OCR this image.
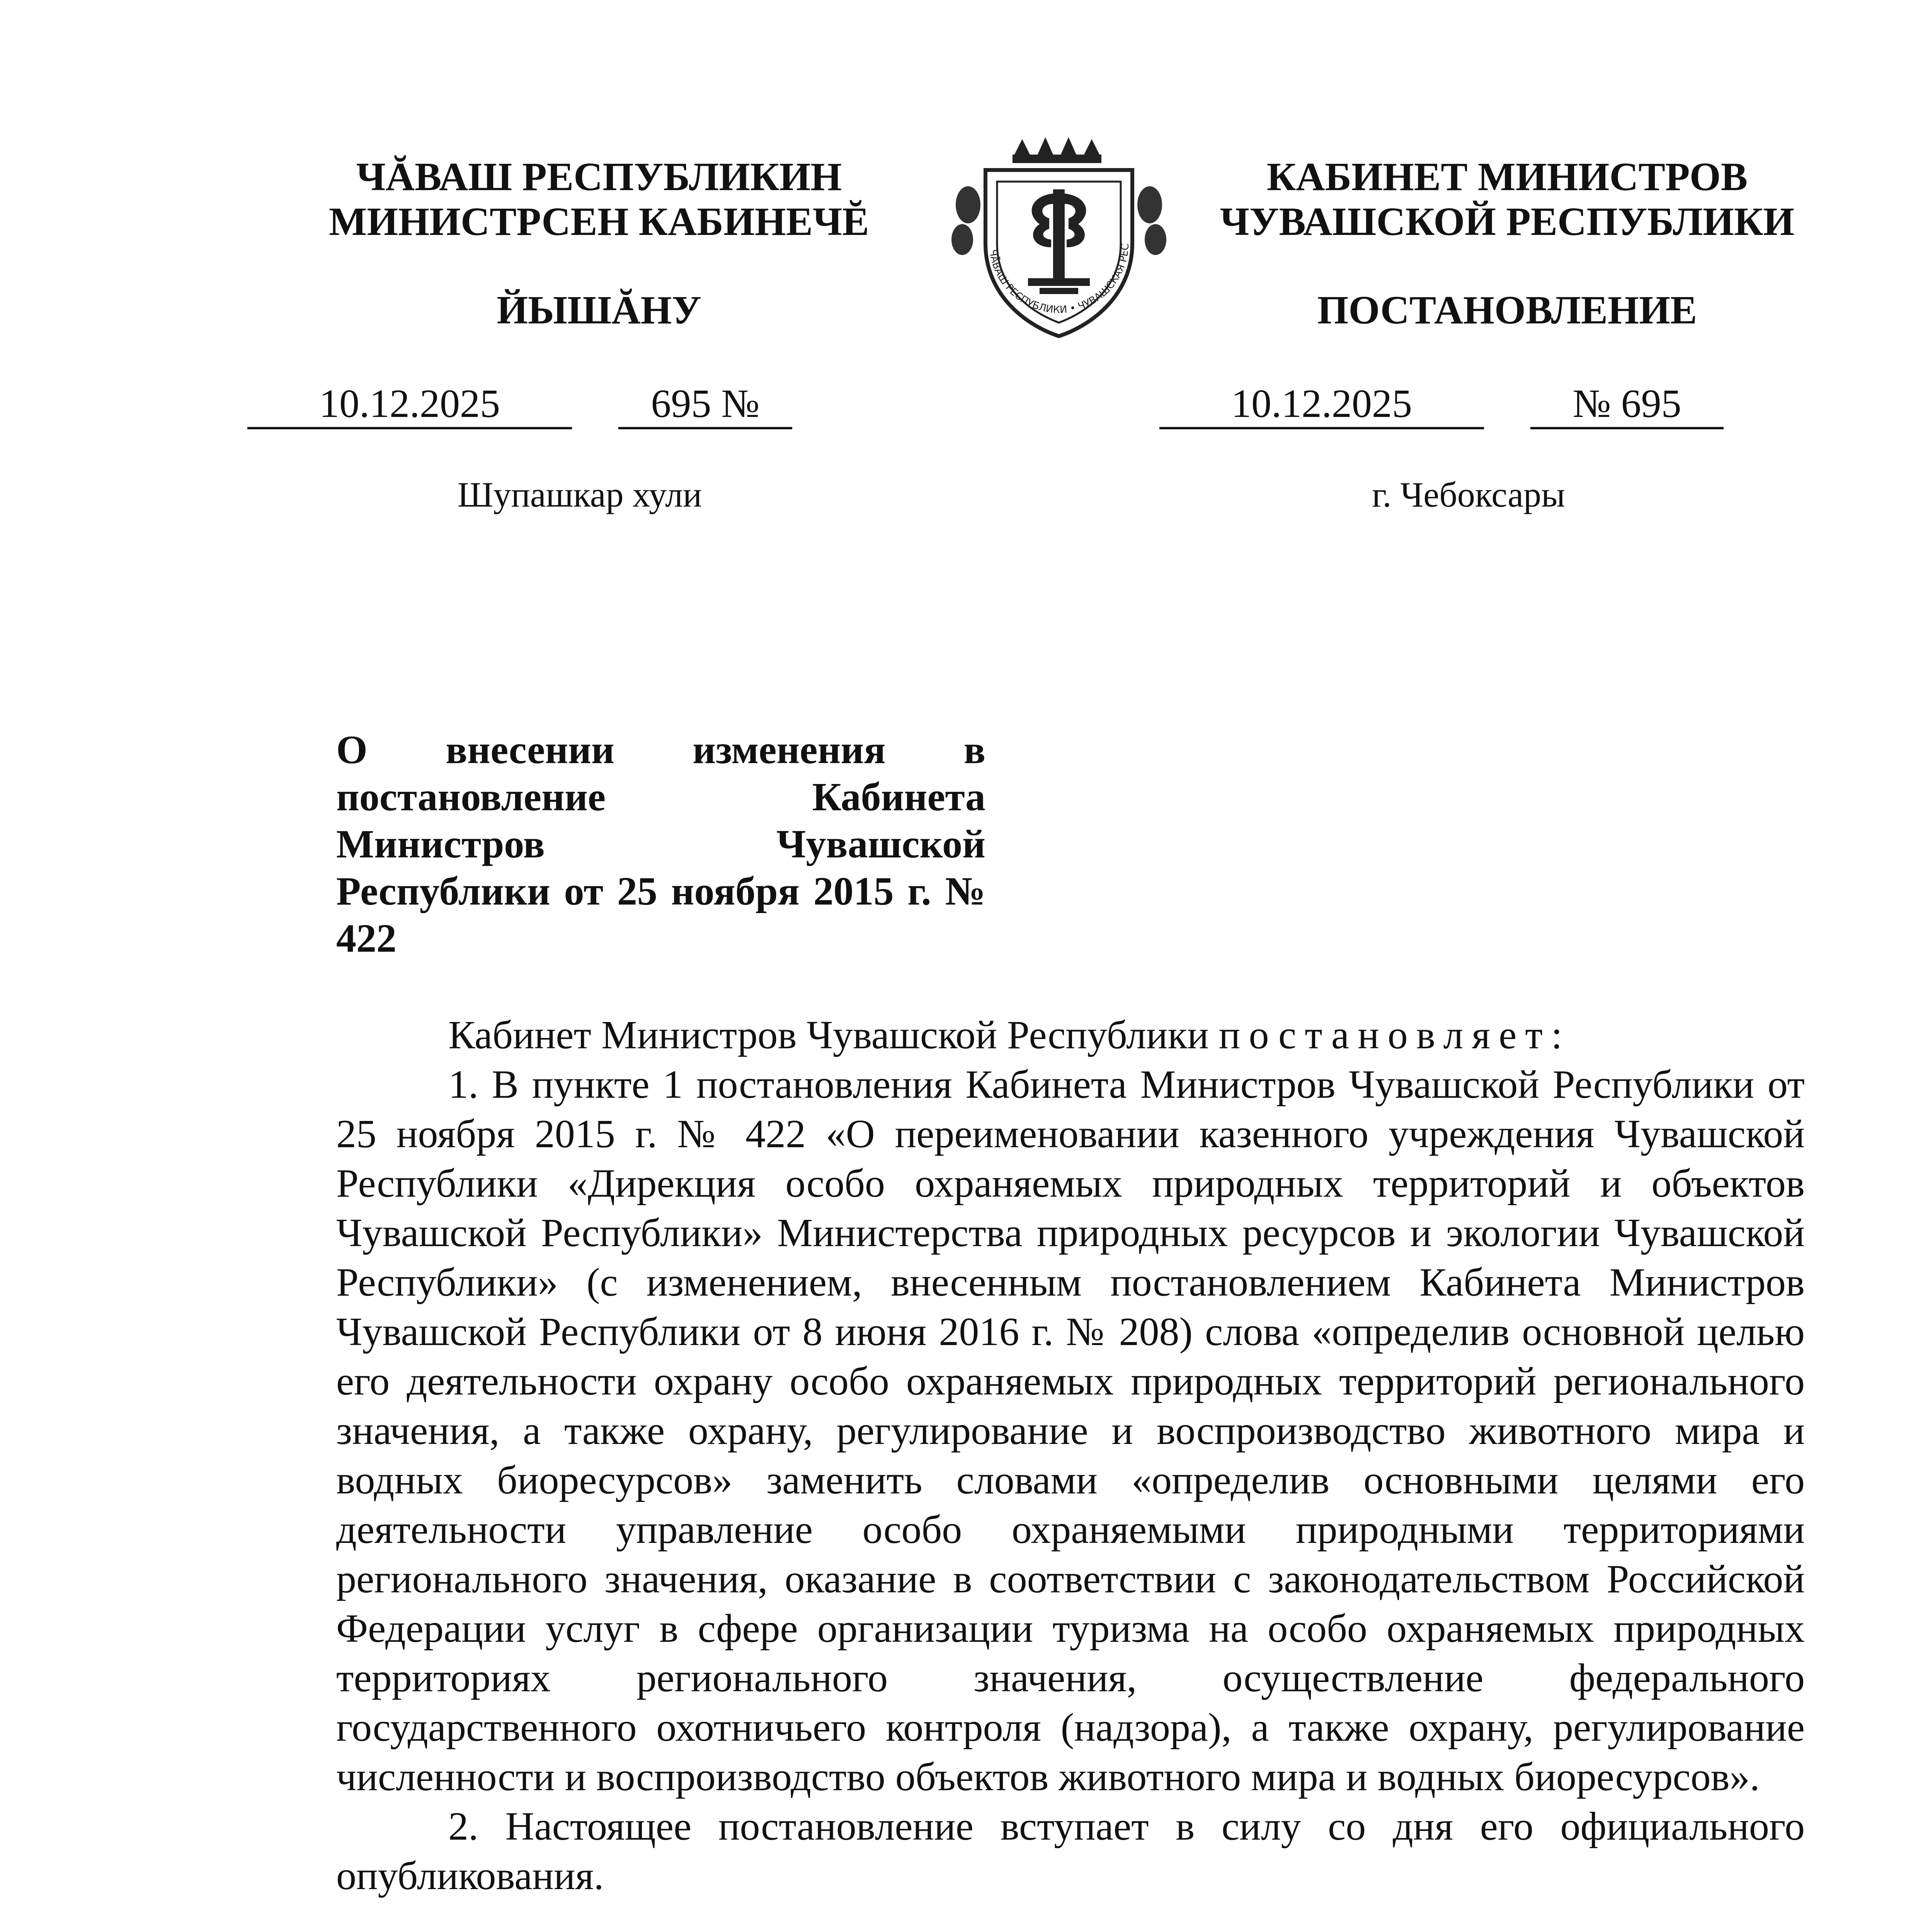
ЧĂВАШ РЕСПУБЛИКИ • ЧУВАШСКАЯ РЕС
ЧĂВАШ РЕСПУБЛИКИН
МИНИСТРСЕН КАБИНЕЧĔ
КАБИНЕТ МИНИСТРОВ
ЧУВАШСКОЙ РЕСПУБЛИКИ
ЙЫШĂНУ	ПОСТАНОВЛЕНИЕ
10.12.2025	695 №	10.12.2025	№ 695
Шупашкар хули	г. Чебоксары
О внесении изменения в постановление Кабинета Министров Чувашской Республики от 25 ноября 2015 г. № 422

Кабинет Министров Чувашской Республики постановляет:

1. В пункте 1 постановления Кабинета Министров Чувашской Республики от 25 ноября 2015 г. № 422 «О переименовании казенного учреждения Чувашской Республики «Дирекция особо охраняемых природных территорий и объектов Чувашской Республики» Министерства природных ресурсов и экологии Чувашской Республики» (с изменением, внесенным постановлением Кабинета Министров Чувашской Республики от 8 июня 2016 г. № 208) слова «определив основной целью его деятельности охрану особо охраняемых природных территорий регионального значения, а также охрану, регулирование и воспроизводство животного мира и водных биоресурсов» заменить словами «определив основными целями его деятельности управление особо охраняемыми природными территориями регионального значения, оказание в соответствии с законодательством Российской Федерации услуг в сфере организации туризма на особо охраняемых природных территориях регионального значения, осуществление федерального государственного охотничьего контроля (надзора), а также охрану, регулирование численности и воспроизводство объектов животного мира и водных биоресурсов».

2. Настоящее постановление вступает в силу со дня его официального опубликования.
